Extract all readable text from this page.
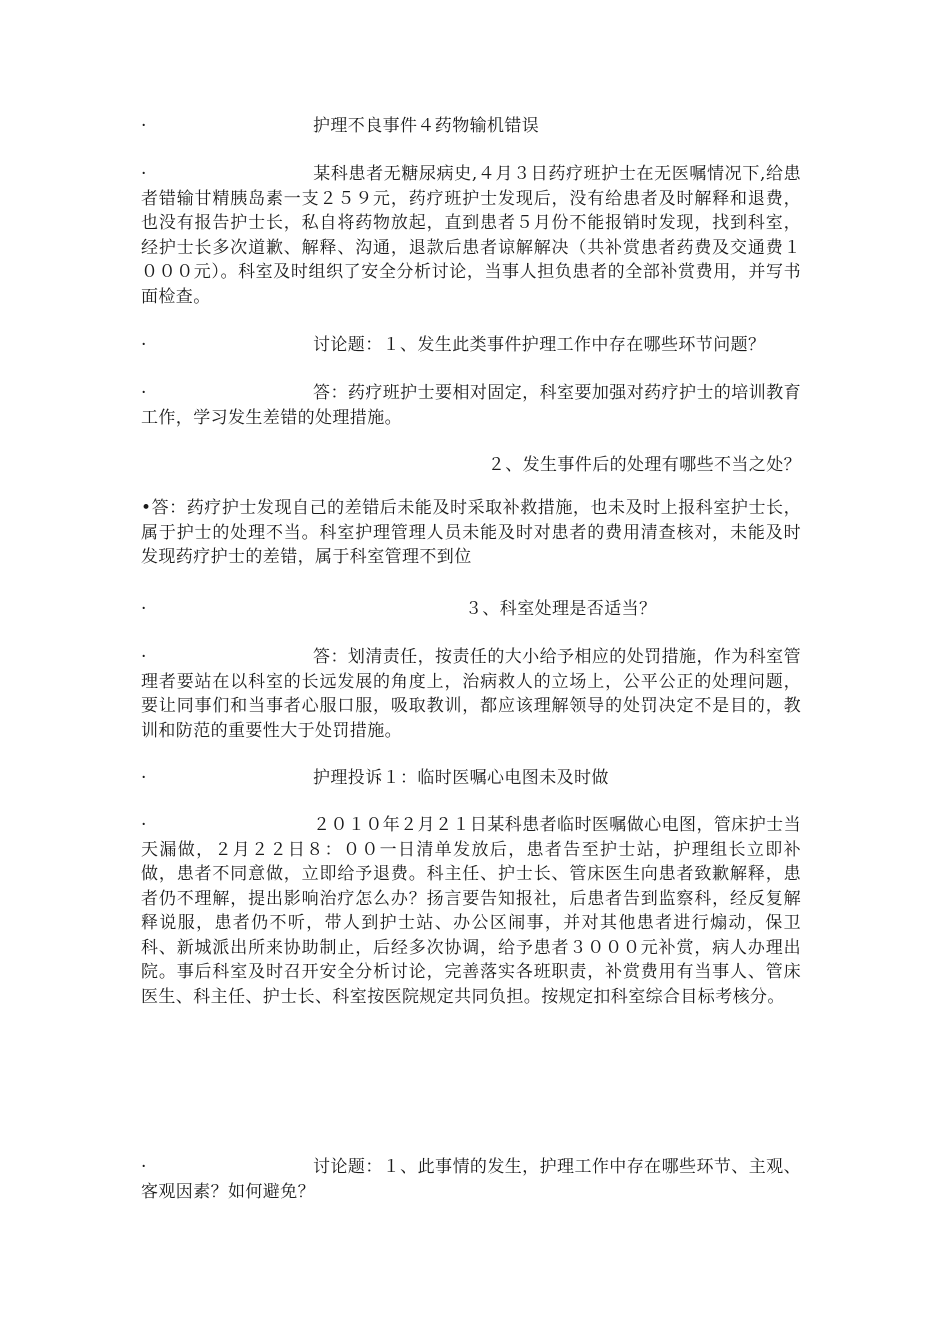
·	护理不良事件４药物输机错误

·	某科患者无糖尿病史,４月３日药疗班护士在无医嘱情况下,给患者错输甘精胰岛素一支２５９元，药疗班护士发现后，没有给患者及时解释和退费，也没有报告护士长，私自将药物放起，直到患者５月份不能报销时发现，找到科室，经护士长多次道歉、解释、沟通，退款后患者谅解解决（共补赏患者药费及交通费１０００元）。科室及时组织了安全分析讨论，当事人担负患者的全部补赏费用，并写书面检查。

·	讨论题：１、发生此类事件护理工作中存在哪些环节问题？

·	答：药疗班护士要相对固定，科室要加强对药疗护士的培训教育工作，学习发生差错的处理措施。

２、发生事件后的处理有哪些不当之处？

•答：药疗护士发现自己的差错后未能及时采取补救措施，也未及时上报科室护士长，属于护士的处理不当。科室护理管理人员未能及时对患者的费用清查核对，未能及时发现药疗护士的差错，属于科室管理不到位

·	３、科室处理是否适当？

·	答：划清责任，按责任的大小给予相应的处罚措施，作为科室管理者要站在以科室的长远发展的角度上，治病救人的立场上，公平公正的处理问题，要让同事们和当事者心服口服，吸取教训，都应该理解领导的处罚决定不是目的，教训和防范的重要性大于处罚措施。

·	护理投诉１：临时医嘱心电图未及时做

·	２０１０年２月２１日某科患者临时医嘱做心电图，管床护士当天漏做，２月２２日８：００一日清单发放后，患者告至护士站，护理组长立即补做，患者不同意做，立即给予退费。科主任、护士长、管床医生向患者致歉解释，患者仍不理解，提出影响治疗怎么办？扬言要告知报社，后患者告到监察科，经反复解释说服，患者仍不听，带人到护士站、办公区闹事，并对其他患者进行煽动，保卫科、新城派出所来协助制止，后经多次协调，给予患者３０００元补赏，病人办理出院。事后科室及时召开安全分析讨论，完善落实各班职责，补赏费用有当事人、管床医生、科主任、护士长、科室按医院规定共同负担。按规定扣科室综合目标考核分。

·	讨论题：１、此事情的发生，护理工作中存在哪些环节、主观、客观因素？如何避免？
